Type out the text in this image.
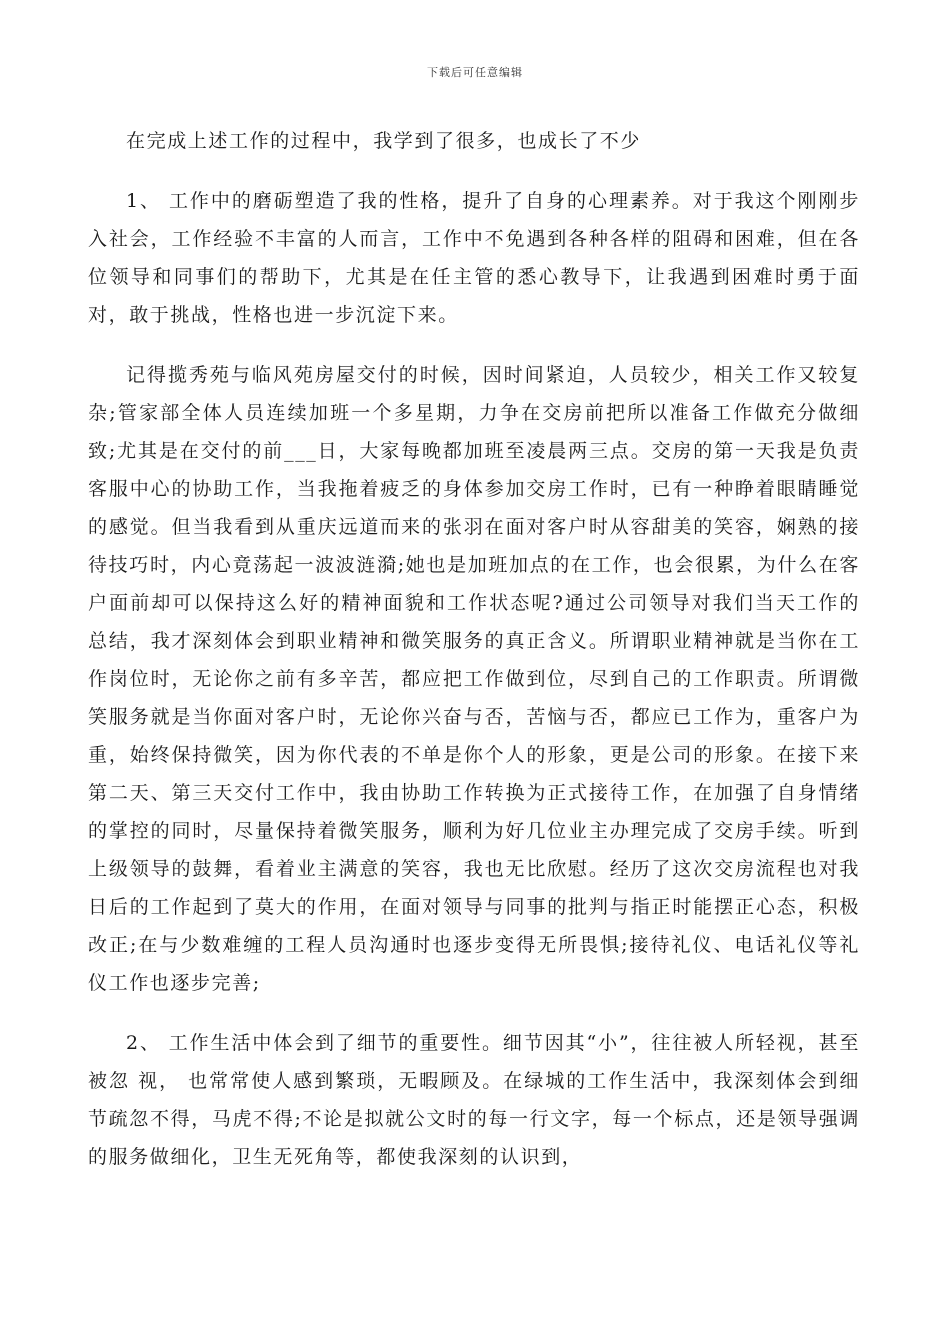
下载后可任意编辑

在完成上述工作的过程中，我学到了很多，也成长了不少

1、 工作中的磨砺塑造了我的性格，提升了自身的心理素养。对于我这个刚刚步入社会，工作经验不丰富的人而言，工作中不免遇到各种各样的阻碍和困难，但在各位领导和同事们的帮助下，尤其是在任主管的悉心教导下，让我遇到困难时勇于面对，敢于挑战，性格也进一步沉淀下来。

记得揽秀苑与临风苑房屋交付的时候，因时间紧迫，人员较少，相关工作又较复杂;管家部全体人员连续加班一个多星期，力争在交房前把所以准备工作做充分做细致;尤其是在交付的前___日，大家每晚都加班至凌晨两三点。交房的第一天我是负责客服中心的协助工作，当我拖着疲乏的身体参加交房工作时，已有一种睁着眼睛睡觉的感觉。但当我看到从重庆远道而来的张羽在面对客户时从容甜美的笑容，娴熟的接待技巧时，内心竟荡起一波波涟漪;她也是加班加点的在工作，也会很累，为什么在客户面前却可以保持这么好的精神面貌和工作状态呢?通过公司领导对我们当天工作的总结，我才深刻体会到职业精神和微笑服务的真正含义。所谓职业精神就是当你在工作岗位时，无论你之前有多辛苦，都应把工作做到位，尽到自己的工作职责。所谓微笑服务就是当你面对客户时，无论你兴奋与否，苦恼与否，都应已工作为，重客户为重，始终保持微笑，因为你代表的不单是你个人的形象，更是公司的形象。在接下来第二天、第三天交付工作中，我由协助工作转换为正式接待工作，在加强了自身情绪的掌控的同时，尽量保持着微笑服务，顺利为好几位业主办理完成了交房手续。听到上级领导的鼓舞，看着业主满意的笑容，我也无比欣慰。经历了这次交房流程也对我日后的工作起到了莫大的作用，在面对领导与同事的批判与指正时能摆正心态，积极改正;在与少数难缠的工程人员沟通时也逐步变得无所畏惧;接待礼仪、电话礼仪等礼仪工作也逐步完善;

2、 工作生活中体会到了细节的重要性。细节因其“小”，往往被人所轻视，甚至被忽 视， 也常常使人感到繁琐，无暇顾及。在绿城的工作生活中，我深刻体会到细节疏忽不得，马虎不得;不论是拟就公文时的每一行文字，每一个标点，还是领导强调的服务做细化，卫生无死角等，都使我深刻的认识到，
